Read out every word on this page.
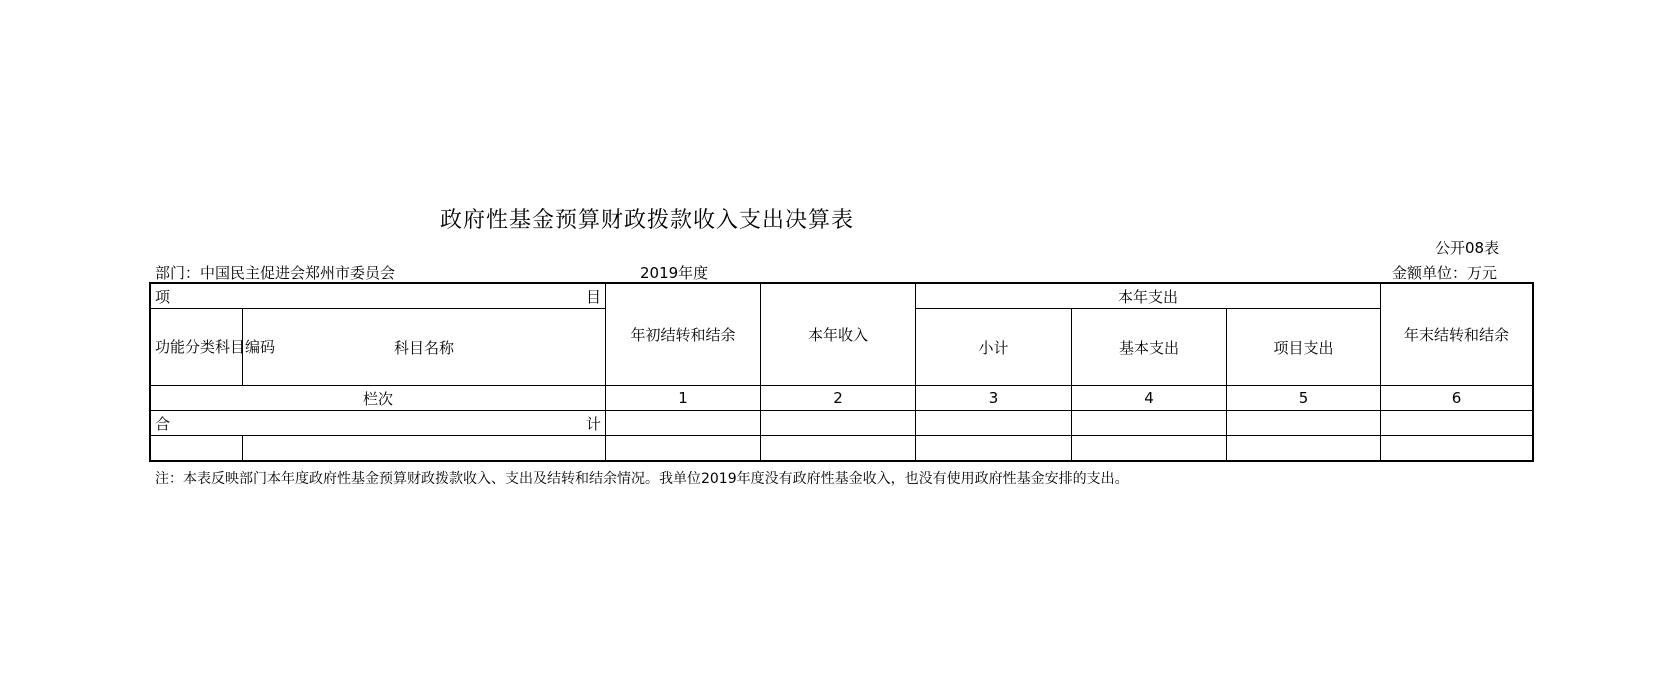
政府性基金预算财政拨款收入支出决算表
公开08表
部门：中国民主促进会郑州市委员会	2019年度	金额单位：万元
项 目		年初结转和结余	本年收入	本年支出			年末结转和结余
功能分类科目编码	科目名称			小计	基本支出	项目支出	
栏次		1	2	3	4	5	6

合 计							

注：本表反映部门本年度政府性基金预算财政拨款收入、支出及结转和结余情况。我单位2019年度没有政府性基金收入，也没有使用政府性基金安排的支出。
